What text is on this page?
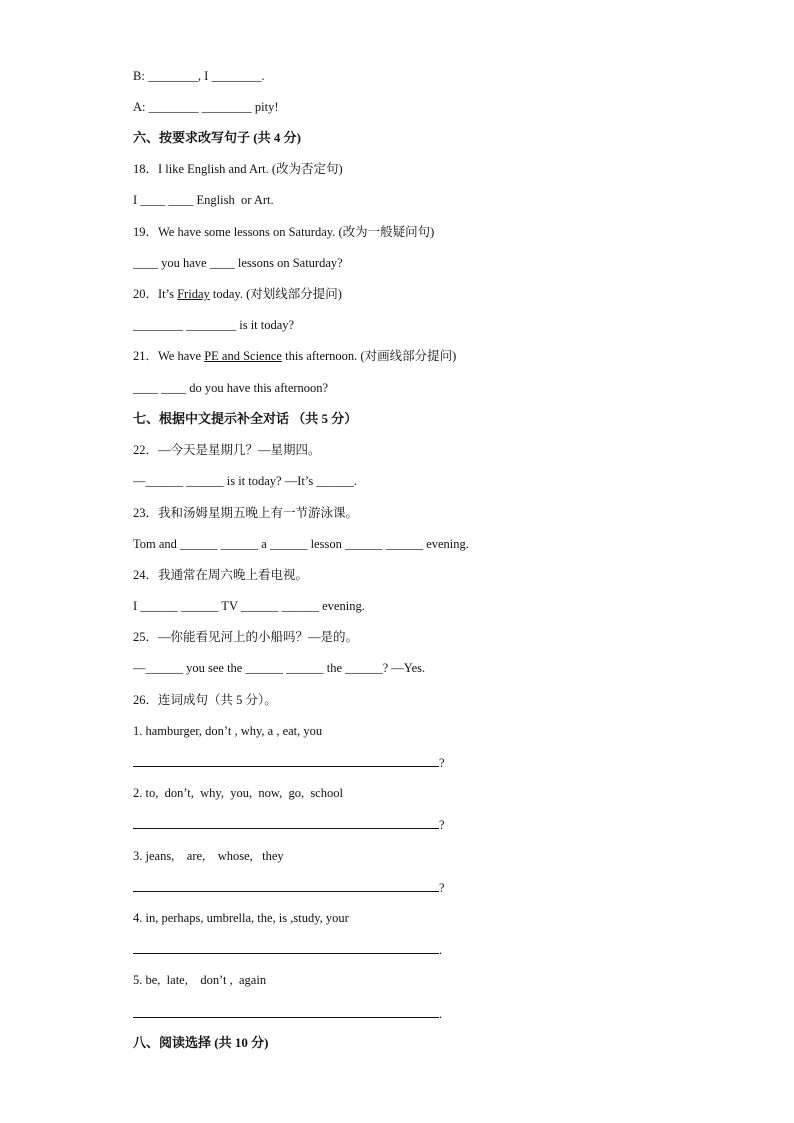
B: ________, I ________.
A: ________ ________ pity!
六、按要求改写句子 (共 4 分)
18．I like English and Art. (改为否定句)
I ____ ____ English  or Art.
19．We have some lessons on Saturday. (改为一般疑问句)
____ you have ____ lessons on Saturday?
20．It’s Friday today. (对划线部分提问)
________ ________ is it today?
21．We have PE and Science this afternoon. (对画线部分提问)
____ ____ do you have this afternoon?
七、根据中文提示补全对话 （共 5 分）
22．—今天是星期几？—星期四。
—______ ______ is it today? —It’s ______.
23．我和汤姆星期五晚上有一节游泳课。
Tom and ______ ______ a ______ lesson ______ ______ evening.
24．我通常在周六晚上看电视。
I ______ ______ TV ______ ______ evening.
25．—你能看见河上的小船吗？—是的。
—______ you see the ______ ______ the ______? —Yes.
26．连词成句（共 5 分）。
1. hamburger, don’t , why, a , eat, you
?
2. to,  don’t,  why,  you,  now,  go,  school
?
3. jeans,    are,    whose,   they
?
4. in, perhaps, umbrella, the, is ,study, your
.
5. be,  late,    don’t ,  again
.
八、阅读选择 (共 10 分)
